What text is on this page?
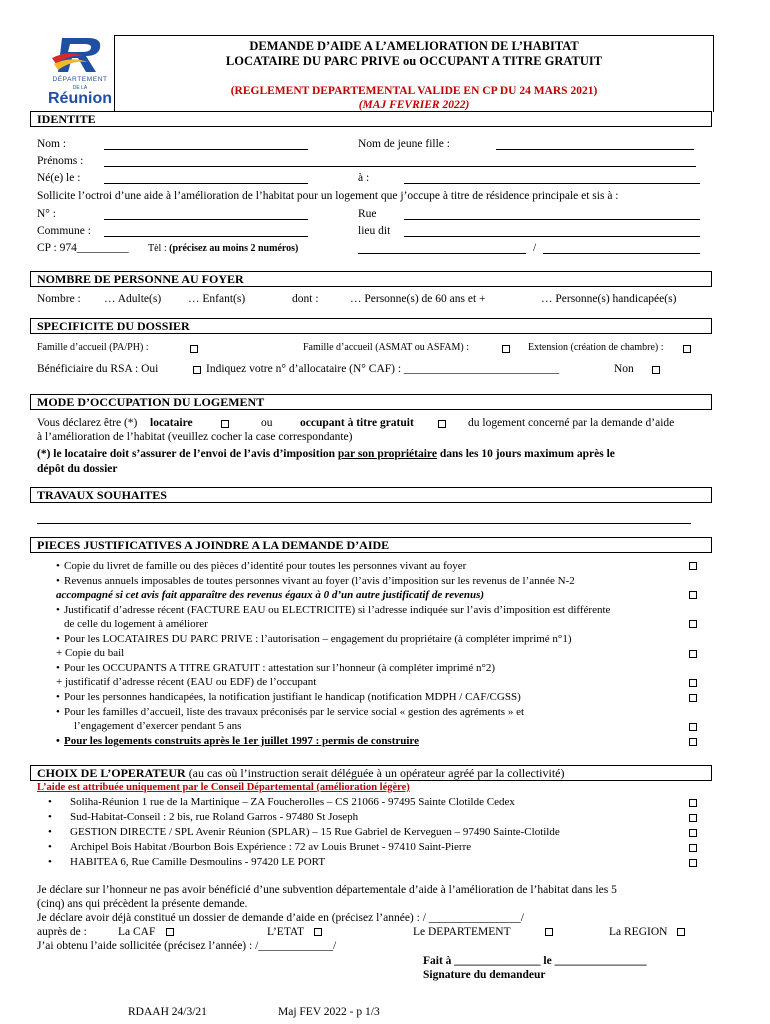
DÉPARTEMENT
DE LA
Réunion
DEMANDE D’AIDE A L’AMELIORATION DE L’HABITAT
LOCATAIRE DU PARC PRIVE ou OCCUPANT A TITRE GRATUIT
(REGLEMENT DEPARTEMENTAL VALIDE EN CP DU 24 MARS 2021)
(MAJ FEVRIER 2022)
IDENTITE
Nom :	Nom de jeune fille :
Prénoms :
Né(e) le :	à :
Sollicite l’octroi d’une aide à l’amélioration de l’habitat pour un logement que j’occupe à titre de résidence principale et sis à :
N° :	Rue
Commune :	lieu dit
CP : 974_________ Tèl : (précisez au moins 2 numéros)	/
NOMBRE DE PERSONNE AU FOYER
Nombre : … Adulte(s) … Enfant(s)	dont :	… Personne(s) de 60 ans et +	… Personne(s) handicapée(s)
SPECIFICITE DU DOSSIER
Famille d’accueil (PA/PH) :	Famille d’accueil (ASMAT ou ASFAM) :	Extension (création de chambre) :
Bénéficiaire du RSA : Oui	Indiquez votre n° d’allocataire (N° CAF) : ___________________________	Non
MODE D’OCCUPATION DU LOGEMENT
Vous déclarez être (*) locataire	ou occupant à titre gratuit	du logement concerné par la demande d’aide
à l’amélioration de l’habitat (veuillez cocher la case correspondante)
(*) le locataire doit s’assurer de l’envoi de l’avis d’imposition par son propriétaire dans les 10 jours maximum après le
dépôt du dossier
TRAVAUX SOUHAITES
PIECES JUSTIFICATIVES A JOINDRE A LA DEMANDE D’AIDE
• Copie du livret de famille ou des pièces d’identité pour toutes les personnes vivant au foyer
• Revenus annuels imposables de toutes personnes vivant au foyer (l’avis d’imposition sur les revenus de l’année N-2
accompagné si cet avis fait apparaître des revenus égaux à 0 d’un autre justificatif de revenus)
• Justificatif d’adresse récent (FACTURE EAU ou ELECTRICITE) si l’adresse indiquée sur l’avis d’imposition est différente
de celle du logement à améliorer
• Pour les LOCATAIRES DU PARC PRIVE : l’autorisation – engagement du propriétaire (à compléter imprimé n°1)
+ Copie du bail
• Pour les OCCUPANTS A TITRE GRATUIT : attestation sur l’honneur (à compléter imprimé n°2)
+ justificatif d’adresse récent (EAU ou EDF) de l’occupant
• Pour les personnes handicapées, la notification justifiant le handicap (notification MDPH / CAF/CGSS)
• Pour les familles d’accueil, liste des travaux préconisés par le service social « gestion des agréments » et
l’engagement d’exercer pendant 5 ans
• Pour les logements construits après le 1er juillet 1997 : permis de construire
CHOIX DE L’OPERATEUR (au cas où l’instruction serait déléguée à un opérateur agréé par la collectivité)
L’aide est attribuée uniquement par le Conseil Départemental (amélioration légère)
• Soliha-Réunion 1 rue de la Martinique – ZA Foucherolles – CS 21066 - 97495 Sainte Clotilde Cedex
• Sud-Habitat-Conseil : 2 bis, rue Roland Garros - 97480 St Joseph
• GESTION DIRECTE / SPL Avenir Réunion (SPLAR) – 15 Rue Gabriel de Kerveguen – 97490 Sainte-Clotilde
• Archipel Bois Habitat /Bourbon Bois Expérience : 72 av Louis Brunet - 97410 Saint-Pierre
• HABITEA 6, Rue Camille Desmoulins - 97420 LE PORT
Je déclare sur l’honneur ne pas avoir bénéficié d’une subvention départementale d’aide à l’amélioration de l’habitat dans les 5
(cinq) ans qui précèdent la présente demande.
Je déclare avoir déjà constitué un dossier de demande d’aide en (précisez l’année) : / ________________/
auprès de :	La CAF	L’ETAT	Le DEPARTEMENT	La REGION
J’ai obtenu l’aide sollicitée (précisez l’année) : /_____________/
Fait à _______________ le ________________
Signature du demandeur
RDAAH 24/3/21	Maj FEV 2022 - p 1/3
